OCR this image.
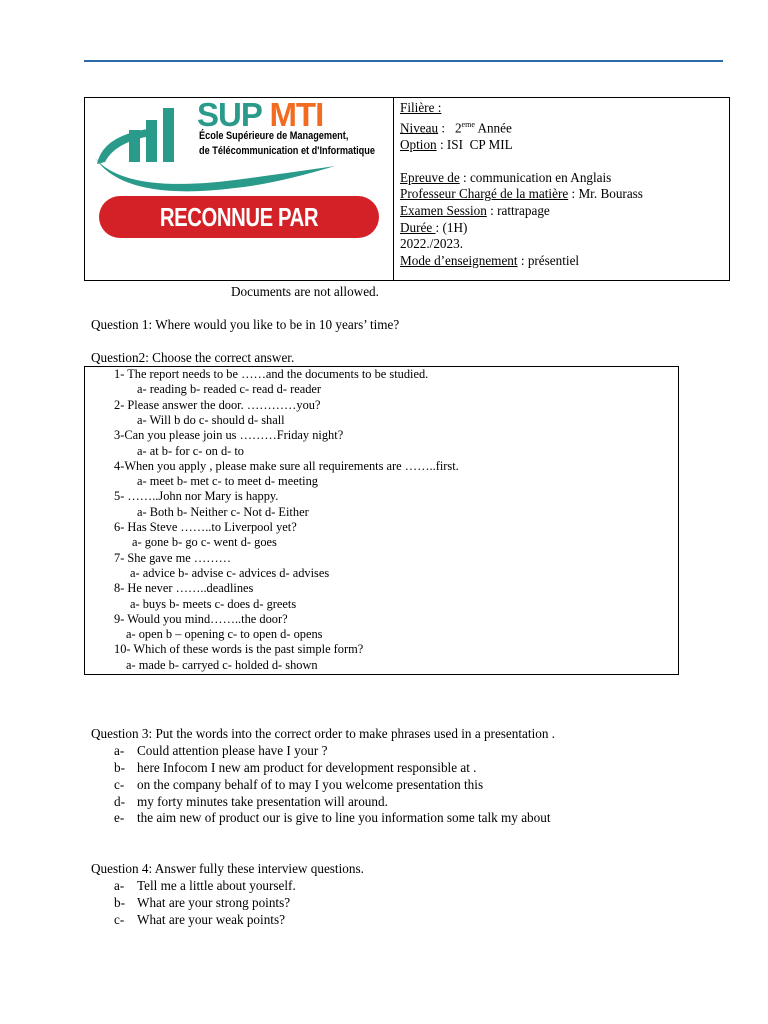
SUP MTI
École Supérieure de Management,
de Télécommunication et d'Informatique
RECONNUE PAR L'ÉTAT
Filière :
Niveau :   2eme Année
Option : ISI  CP MIL
Epreuve de : communication en Anglais
Professeur Chargé de la matière : Mr. Bourass
Examen Session : rattrapage
Durée : (1H)
2022./2023.
Mode d’enseignement : présentiel
Documents are not allowed.
Question 1: Where would you like to be in 10 years’ time?
Question2: Choose the correct answer.
1- The report needs to be ……and the documents to be studied.
a- reading b- readed c- read d- reader
2- Please answer the door. …………you?
a- Will b do c- should d- shall
3-Can you please join us ………Friday night?
a- at b- for c- on d- to
4-When you apply , please make sure all requirements are ……..first.
a- meet b- met c- to meet d- meeting
5- ……..John nor Mary is happy.
a- Both b- Neither c- Not d- Either
6- Has Steve ……..to Liverpool yet?
a- gone b- go c- went d- goes
7- She gave me ………
a- advice b- advise c- advices d- advises
8- He never ……..deadlines
a- buys b- meets c- does d- greets
9- Would you mind……..the door?
a- open b – opening c- to open d- opens
10- Which of these words is the past simple form?
a- made b- carryed c- holded d- shown
Question 3: Put the words into the correct order to make phrases used in a presentation .
a- Could attention please have I your ?
b- here Infocom I new am product for development responsible at .
c- on the company behalf of to may I you welcome presentation this
d- my forty minutes take presentation will around.
e- the aim new of product our is give to line you information some talk my about
Question 4: Answer fully these interview questions.
a- Tell me a little about yourself.
b- What are your strong points?
c- What are your weak points?
